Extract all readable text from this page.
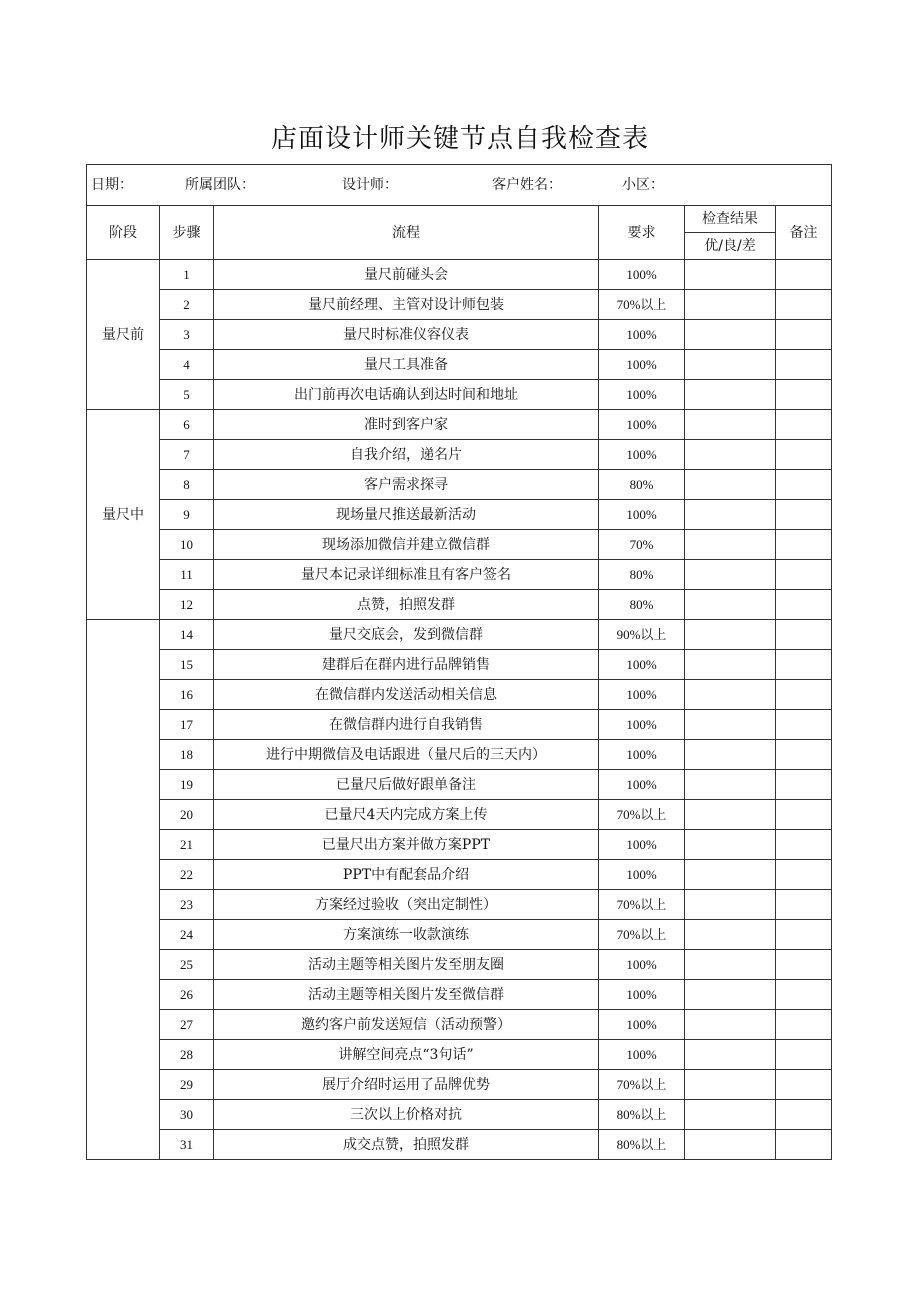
店面设计师关键节点自我检查表
日期： 所属团队： 设计师： 客户姓名： 小区：					
阶段	步骤	流程	要求	检查结果	备注
				优/良/差	
量尺前	1	量尺前碰头会	100%		
	2	量尺前经理、主管对设计师包装	70%以上		
	3	量尺时标准仪容仪表	100%		
	4	量尺工具准备	100%		
	5	出门前再次电话确认到达时间和地址	100%		
量尺中	6	准时到客户家	100%		
	7	自我介绍，递名片	100%		
	8	客户需求探寻	80%		
	9	现场量尺推送最新活动	100%		
	10	现场添加微信并建立微信群	70%		
	11	量尺本记录详细标准且有客户签名	80%		
	12	点赞，拍照发群	80%		
	14	量尺交底会，发到微信群	90%以上		
	15	建群后在群内进行品牌销售	100%		
	16	在微信群内发送活动相关信息	100%		
	17	在微信群内进行自我销售	100%		
	18	进行中期微信及电话跟进（量尺后的三天内）	100%		
	19	已量尺后做好跟单备注	100%		
	20	已量尺4天内完成方案上传	70%以上		
	21	已量尺出方案并做方案PPT	100%		
	22	PPT中有配套品介绍	100%		
	23	方案经过验收（突出定制性）	70%以上		
	24	方案演练一收款演练	70%以上		
	25	活动主题等相关图片发至朋友圈	100%		
	26	活动主题等相关图片发至微信群	100%		
	27	邀约客户前发送短信（活动预警）	100%		
	28	讲解空间亮点“3句话”	100%		
	29	展厅介绍时运用了品牌优势	70%以上		
	30	三次以上价格对抗	80%以上		
	31	成交点赞，拍照发群	80%以上		
